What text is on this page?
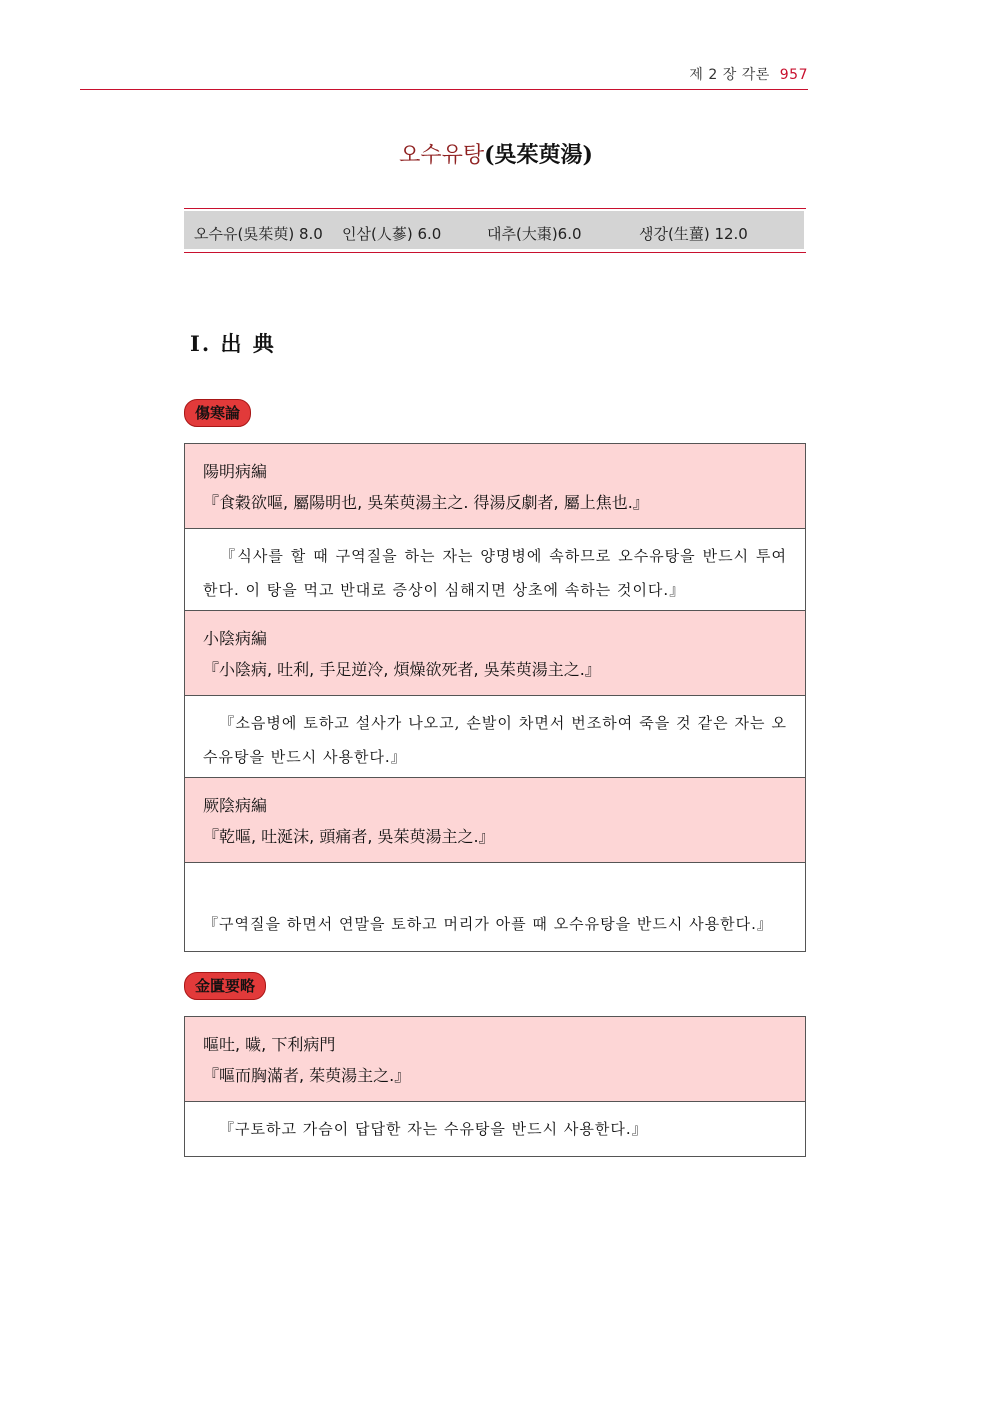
제 2 장 각론 957
오수유탕(吳茱萸湯)
오수유(吳茱萸) 8.0 인삼(人蔘) 6.0	대추(大棗)6.0	생강(生薑) 12.0
Ⅰ. 出 典
傷寒論
陽明病編
『食穀欲嘔, 屬陽明也, 吳茱萸湯主之. 得湯反劇者, 屬上焦也.』
『식사를 할 때 구역질을 하는 자는 양명병에 속하므로 오수유탕을 반드시 투여한다. 이 탕을 먹고 반대로 증상이 심해지면 상초에 속하는 것이다.』
小陰病編
『小陰病, 吐利, 手足逆冷, 煩燥欲死者, 吳茱萸湯主之.』
『소음병에 토하고 설사가 나오고, 손발이 차면서 번조하여 죽을 것 같은 자는 오수유탕을 반드시 사용한다.』
厥陰病編
『乾嘔, 吐涎沫, 頭痛者, 吳茱萸湯主之.』
『구역질을 하면서 연말을 토하고 머리가 아플 때 오수유탕을 반드시 사용한다.』
金匱要略
嘔吐, 噦, 下利病門
『嘔而胸滿者, 茱萸湯主之.』
『구토하고 가슴이 답답한 자는 수유탕을 반드시 사용한다.』
